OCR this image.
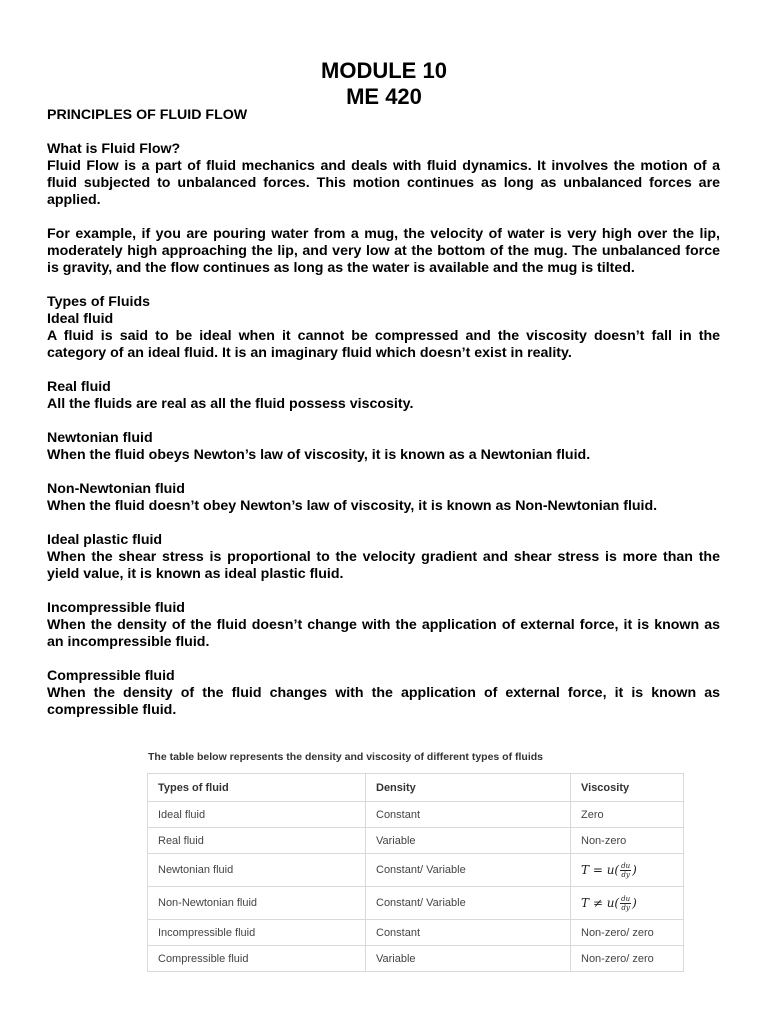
MODULE 10
ME 420

PRINCIPLES OF FLUID FLOW

What is Fluid Flow?

Fluid Flow is a part of fluid mechanics and deals with fluid dynamics. It involves the motion of a fluid subjected to unbalanced forces. This motion continues as long as unbalanced forces are applied.

For example, if you are pouring water from a mug, the velocity of water is very high over the lip, moderately high approaching the lip, and very low at the bottom of the mug. The unbalanced force is gravity, and the flow continues as long as the water is available and the mug is tilted.

Types of Fluids

Ideal fluid

A fluid is said to be ideal when it cannot be compressed and the viscosity doesn’t fall in the category of an ideal fluid. It is an imaginary fluid which doesn’t exist in reality.

Real fluid

All the fluids are real as all the fluid possess viscosity.

Newtonian fluid

When the fluid obeys Newton’s law of viscosity, it is known as a Newtonian fluid.

Non-Newtonian fluid

When the fluid doesn’t obey Newton’s law of viscosity, it is known as Non-Newtonian fluid.

Ideal plastic fluid

When the shear stress is proportional to the velocity gradient and shear stress is more than the yield value, it is known as ideal plastic fluid.

Incompressible fluid

When the density of the fluid doesn’t change with the application of external force, it is known as an incompressible fluid.

Compressible fluid

When the density of the fluid changes with the application of external force, it is known as compressible fluid.

The table below represents the density and viscosity of different types of fluids
Types of fluid	Density	Viscosity
Ideal fluid	Constant	Zero
Real fluid	Variable	Non-zero
Newtonian fluid	Constant/ Variable	$T = u( \frac{du}{dy}$ )
Non-Newtonian fluid	Constant/ Variable	$T \ne u( \frac{du}{dy}$ )
Incompressible fluid	Constant	Non-zero/ zero
Compressible fluid	Variable	Non-zero/ zero
